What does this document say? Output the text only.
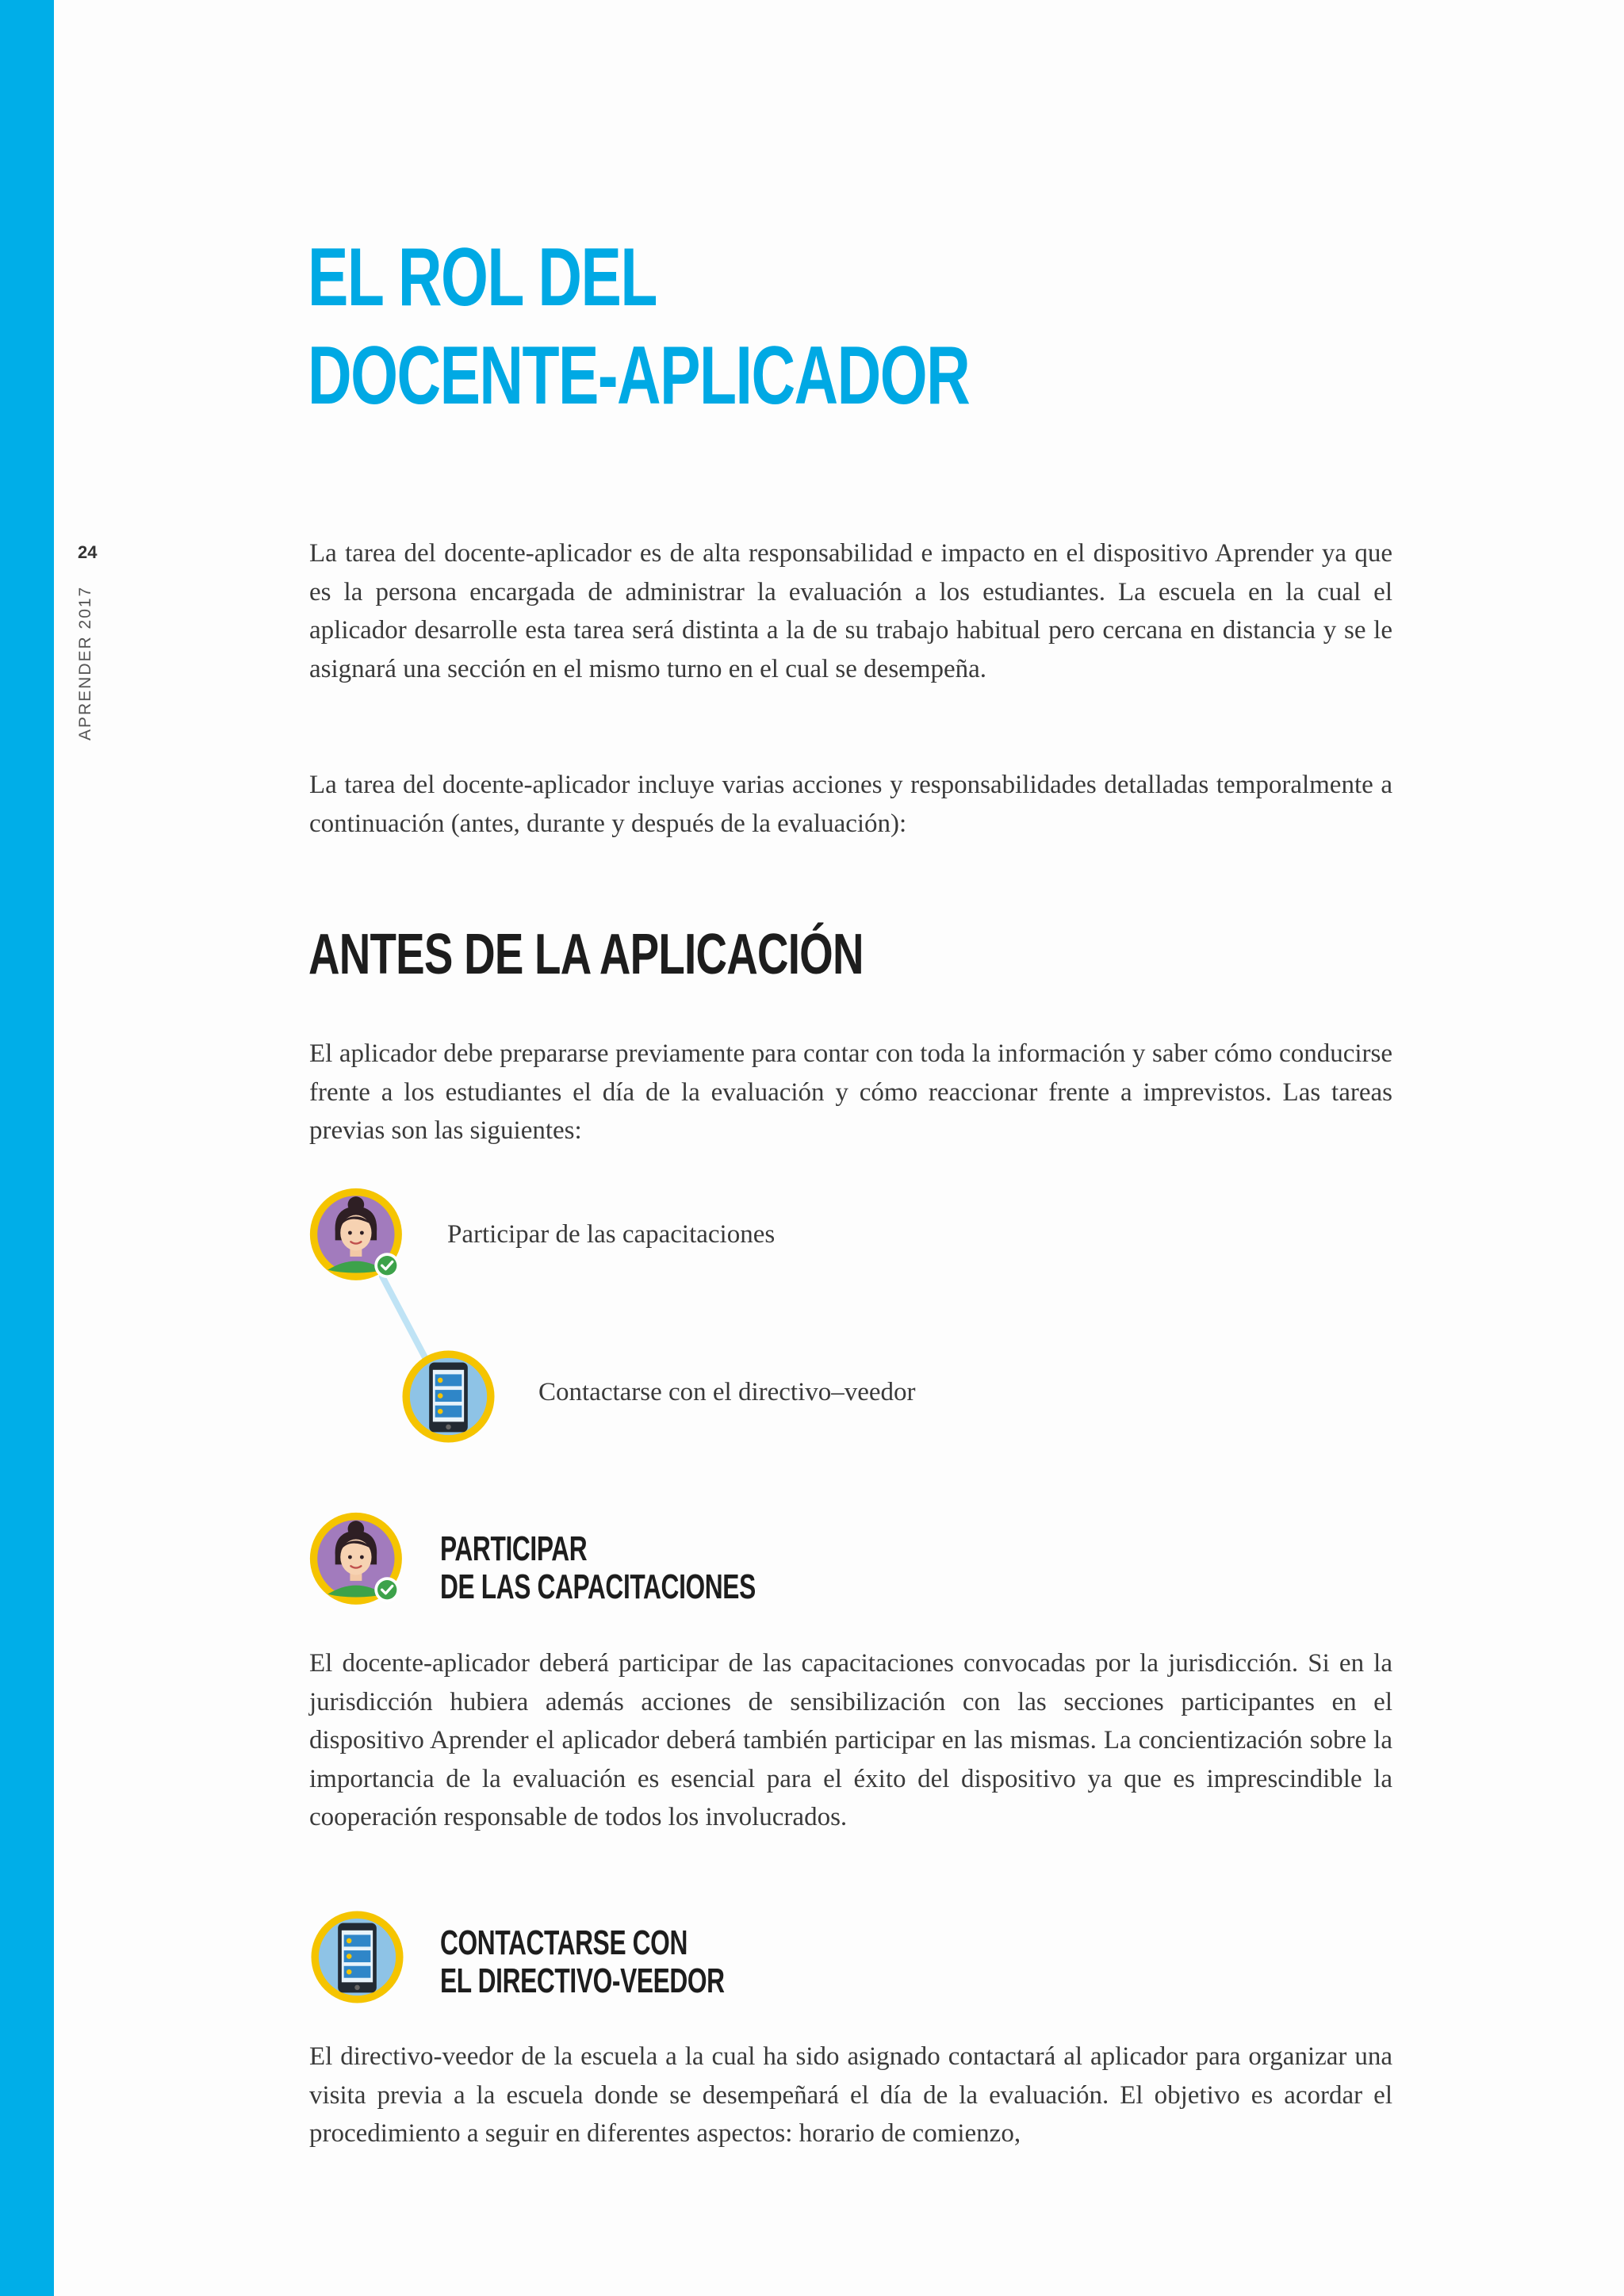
24
APRENDER 2017
EL ROL DEL
DOCENTE-APLICADOR

La tarea del docente-aplicador es de alta responsabilidad e impacto en el dispositivo Aprender ya que es la persona encargada de administrar la evaluación a los estudiantes. La escuela en la cual el aplicador desarrolle esta tarea será distinta a la de su trabajo habitual pero cercana en distancia y se le asignará una sección en el mismo turno en el cual se desempeña.

La tarea del docente-aplicador incluye varias acciones y responsabilidades detalladas temporalmente a continuación (antes, durante y después de la evaluación):

ANTES DE LA APLICACIÓN

El aplicador debe prepararse previamente para contar con toda la información y saber cómo conducirse frente a los estudiantes el día de la evaluación y cómo reaccionar frente a imprevistos. Las tareas previas son las siguientes:

Participar de las capacitaciones
Contactarse con el directivo–veedor
PARTICIPAR
DE LAS CAPACITACIONES

El docente-aplicador deberá participar de las capacitaciones convocadas por la jurisdicción. Si en la jurisdicción hubiera además acciones de sensibilización con las secciones participantes en el dispositivo Aprender el aplicador deberá también participar en las mismas. La concientización sobre la importancia de la evaluación es esencial para el éxito del dispositivo ya que es imprescindible la cooperación responsable de todos los involucrados.

CONTACTARSE CON
EL DIRECTIVO-VEEDOR

El directivo-veedor de la escuela a la cual ha sido asignado contactará al aplicador para organizar una visita previa a la escuela donde se desempeñará el día de la evaluación. El objetivo es acordar el procedimiento a seguir en diferentes aspectos: horario de comienzo,
